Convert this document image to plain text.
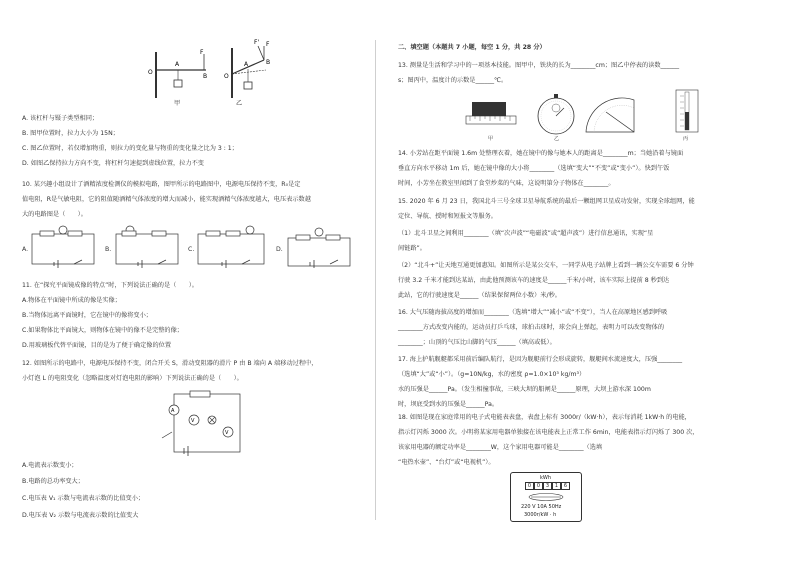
O
A
B
F
甲
O
A	B
F
F'
乙
A. 该杠杆与镊子类型相同；
B. 图甲位置时，拉力大小为 15N；
C. 图乙位置时，若仅增加物重，则拉力的变化量与物重的变化量之比为 3 : 1；
D. 如图乙保持拉力方向不变，将杠杆匀速提到虚线位置，拉力不变
10. 某兴趣小组设计了酒精浓度检测仪的模拟电路，图甲所示的电路图中，电源电压保持不变，R₀是定
值电阻，R是气敏电阻，它的阻值随酒精气体浓度的增大而减小，能实现酒精气体浓度越大，电压表示数越
大的电路图是（　　）。
A.	B.	C.	D.
11. 在“探究平面镜成像的特点”时，下列说法正确的是（　　）。
A.物体在平面镜中所成的像是实像；
B.当物体远离平面镜时，它在镜中的像将变小；
C.如果物体比平面镜大，则物体在镜中的像不是完整的像；
D.用玻璃板代替平面镜，目的是为了便于确定像的位置
12. 如图所示的电路中，电源电压保持不变，闭合开关 S，滑动变阻器的滑片 P 由 B 端向 A 端移动过程中，
小灯泡 L 的电阻变化（忽略温度对灯泡电阻的影响）下列说法正确的是（　　）。
A
V
V
A.电流表示数变小；
B.电路的总功率变大；
C.电压表 V₁ 示数与电流表示数的比值变小；
D.电压表 V₂ 示数与电流表示数的比值变大
二、填空题（本题共 7 小题，每空 1 分，共 28 分）
13. 测量是生活和学习中的一项基本技能。图甲中，铁块的长为________cm；图乙中停表的读数______
s；图丙中，温度计的示数是______℃。
甲	乙	丙
14. 小芳站在距平面镜 1.6m 处整理衣着，她在镜中的像与她本人的距离是________m；当她沿着与镜面
垂直方向水平移动 1m 后，她在镜中像的大小将________（选填“变大”“不变”或“变小”）。快到午饭
时间，小芳坐在教室里闻到了食堂炒菜的气味，这说明第分子物体在________。
15. 2020 年 6 月 23 日，我国北斗三号全球卫星导航系统的最后一颗组网卫星成功发射，实现全球组网，能
定位、导航、授时和短报文等服务。
（1）北斗卫星之间利用________（填“次声波”“电磁波”或“超声波”）进行信息通讯，实现“星
间链路”。
（2）“北斗+”让天地互通更加惠知。如图所示是某公交车，一同学从电子站牌上看到一辆公交车需要 6 分钟
行驶 3.2 千米才能到达某站，由此他预测该车的速度是______千米/小时，该车实际上提前 8 秒到达
此站，它的行驶速度是______（结果保留两位小数）米/秒。
16. 大气压随海拔高度的增加而________（选填“增大”“减小”或“不变”），当人在高原地区感到呼吸
________方式改变内能的，运动员打乒乓球，球拍击球时，球会向上弹起，表明力可以改变物体的
________；山顶的气压比山脚的气压______（填高或低）。
17. 海上护航舰艇都采用前后编队航行，是因为舰艇前行会形成旋转，舰艇间水流速度大，压强________
（选填“大”或“小”）。（g=10N/kg，水的密度 ρ=1.0×10³ kg/m³）
水的压强是______Pa。（发生相撞事故，三峡大坝的船闸是______原理，大坝上游水深 100m
时，坝底受到水的压强是______Pa。
18. 如图是现在家庭常用的电子式电能表表盘，表盘上标有 3000r/（kW·h），表示每消耗 1kW·h 的电能，
指示灯闪烁 3000 次。小明将某家用电器单独接在该电能表上正常工作 6min，电能表指示灯闪烁了 300 次，
该家用电器的额定功率是________W，这个家用电器可能是________（选填
“电热水壶”、“台灯”或“电视机”）。
kWh
0	0	3	1	6
220 V 10A 50Hz
3000r/kW · h
